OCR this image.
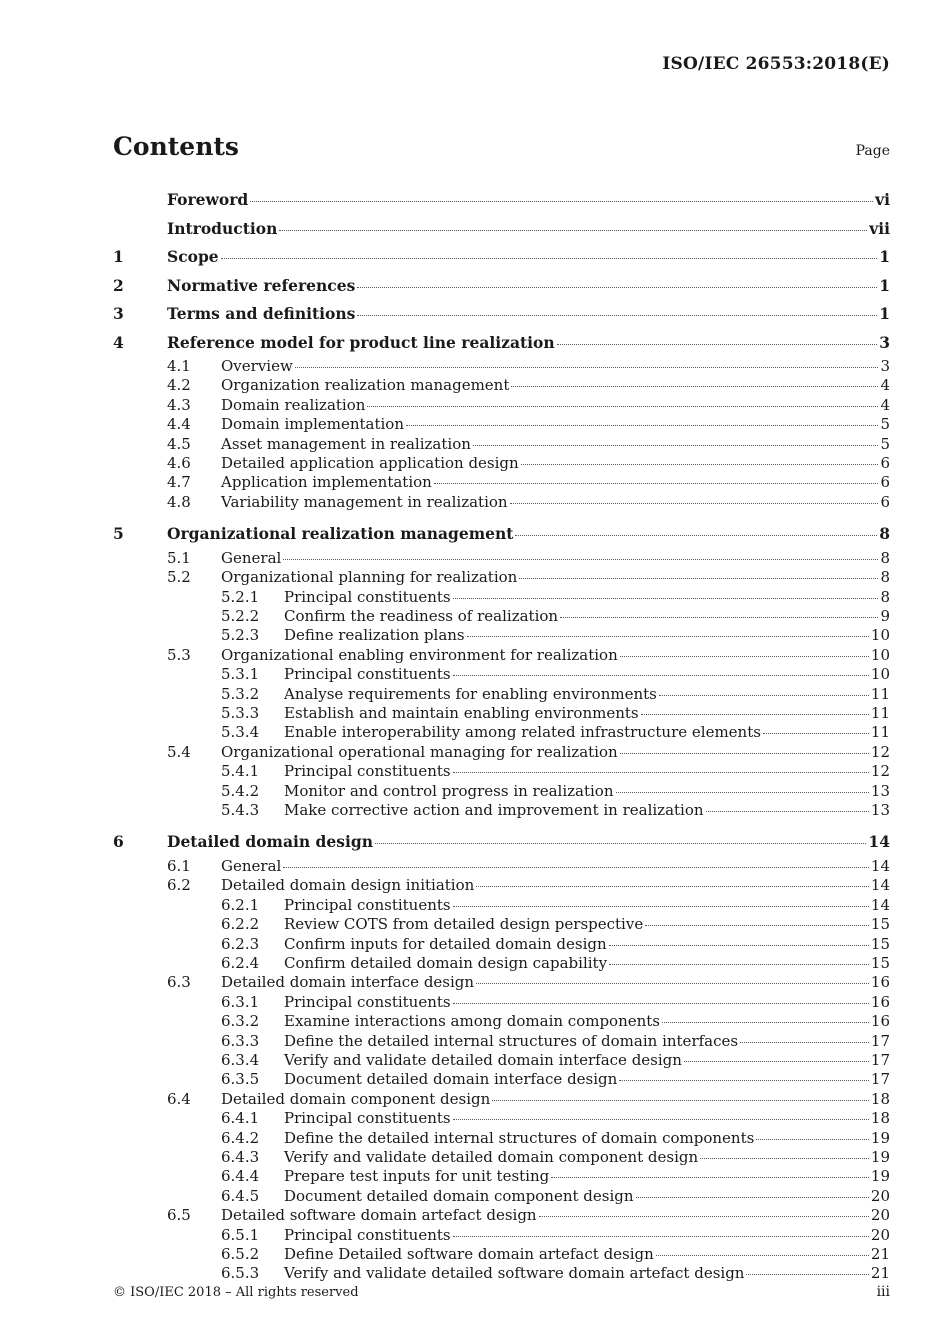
ISO/IEC 26553:2018(E)

Contents	Page
Foreword	vi
Introduction	vii
1	Scope	1
2	Normative references	1
3	Terms and definitions	1
4	Reference model for product line realization	3
4.1	Overview	3
4.2	Organization realization management	4
4.3	Domain realization	4
4.4	Domain implementation	5
4.5	Asset management in realization	5
4.6	Detailed application application design	6
4.7	Application implementation	6
4.8	Variability management in realization	6
5	Organizational realization management	8
5.1	General	8
5.2	Organizational planning for realization	8
5.2.1	Principal constituents	8
5.2.2	Confirm the readiness of realization	9
5.2.3	Define realization plans	10
5.3	Organizational enabling environment for realization	10
5.3.1	Principal constituents	10
5.3.2	Analyse requirements for enabling environments	11
5.3.3	Establish and maintain enabling environments	11
5.3.4	Enable interoperability among related infrastructure elements	11
5.4	Organizational operational managing for realization	12
5.4.1	Principal constituents	12
5.4.2	Monitor and control progress in realization	13
5.4.3	Make corrective action and improvement in realization	13
6	Detailed domain design	14
6.1	General	14
6.2	Detailed domain design initiation	14
6.2.1	Principal constituents	14
6.2.2	Review COTS from detailed design perspective	15
6.2.3	Confirm inputs for detailed domain design	15
6.2.4	Confirm detailed domain design capability	15
6.3	Detailed domain interface design	16
6.3.1	Principal constituents	16
6.3.2	Examine interactions among domain components	16
6.3.3	Define the detailed internal structures of domain interfaces	17
6.3.4	Verify and validate detailed domain interface design	17
6.3.5	Document detailed domain interface design	17
6.4	Detailed domain component design	18
6.4.1	Principal constituents	18
6.4.2	Define the detailed internal structures of domain components	19
6.4.3	Verify and validate detailed domain component design	19
6.4.4	Prepare test inputs for unit testing	19
6.4.5	Document detailed domain component design	20
6.5	Detailed software domain artefact design	20
6.5.1	Principal constituents	20
6.5.2	Define Detailed software domain artefact design	21
6.5.3	Verify and validate detailed software domain artefact design	21
© ISO/IEC 2018 – All rights reserved	iii
